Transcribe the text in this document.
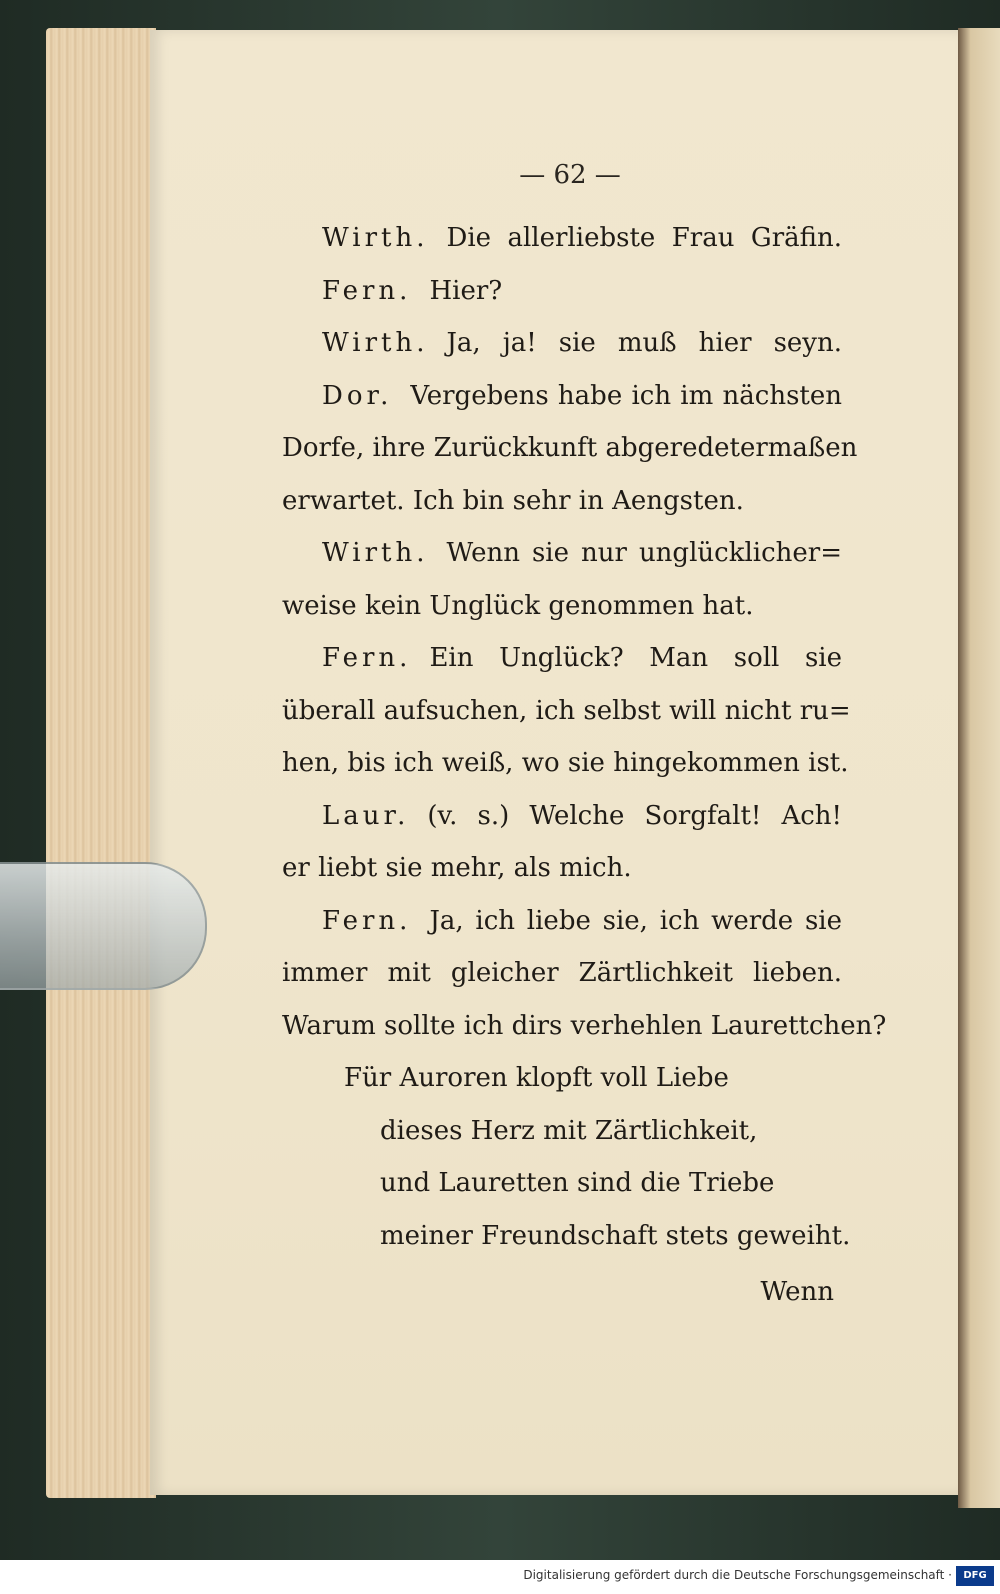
— 62 —
Wirth. Die allerliebste Frau Gräfin.
Fern. Hier?
Wirth. Ja, ja! sie muß hier seyn.
Dor. Vergebens habe ich im nächsten
Dorfe, ihre Zurückkunft abgeredetermaßen
erwartet. Ich bin sehr in Aengsten.
Wirth. Wenn sie nur unglücklicher=
weise kein Unglück genommen hat.
Fern. Ein Unglück? Man soll sie
überall aufsuchen, ich selbst will nicht ru=
hen, bis ich weiß, wo sie hingekommen ist.
Laur. (v. s.) Welche Sorgfalt! Ach!
er liebt sie mehr, als mich.
Fern. Ja, ich liebe sie, ich werde sie
immer mit gleicher Zärtlichkeit lieben.
Warum sollte ich dirs verhehlen Laurettchen?
Für Auroren klopft voll Liebe
dieses Herz mit Zärtlichkeit,
und Lauretten sind die Triebe
meiner Freundschaft stets geweiht.
Wenn
Digitalisierung gefördert durch die Deutsche Forschungsgemeinschaft ·	DFG
